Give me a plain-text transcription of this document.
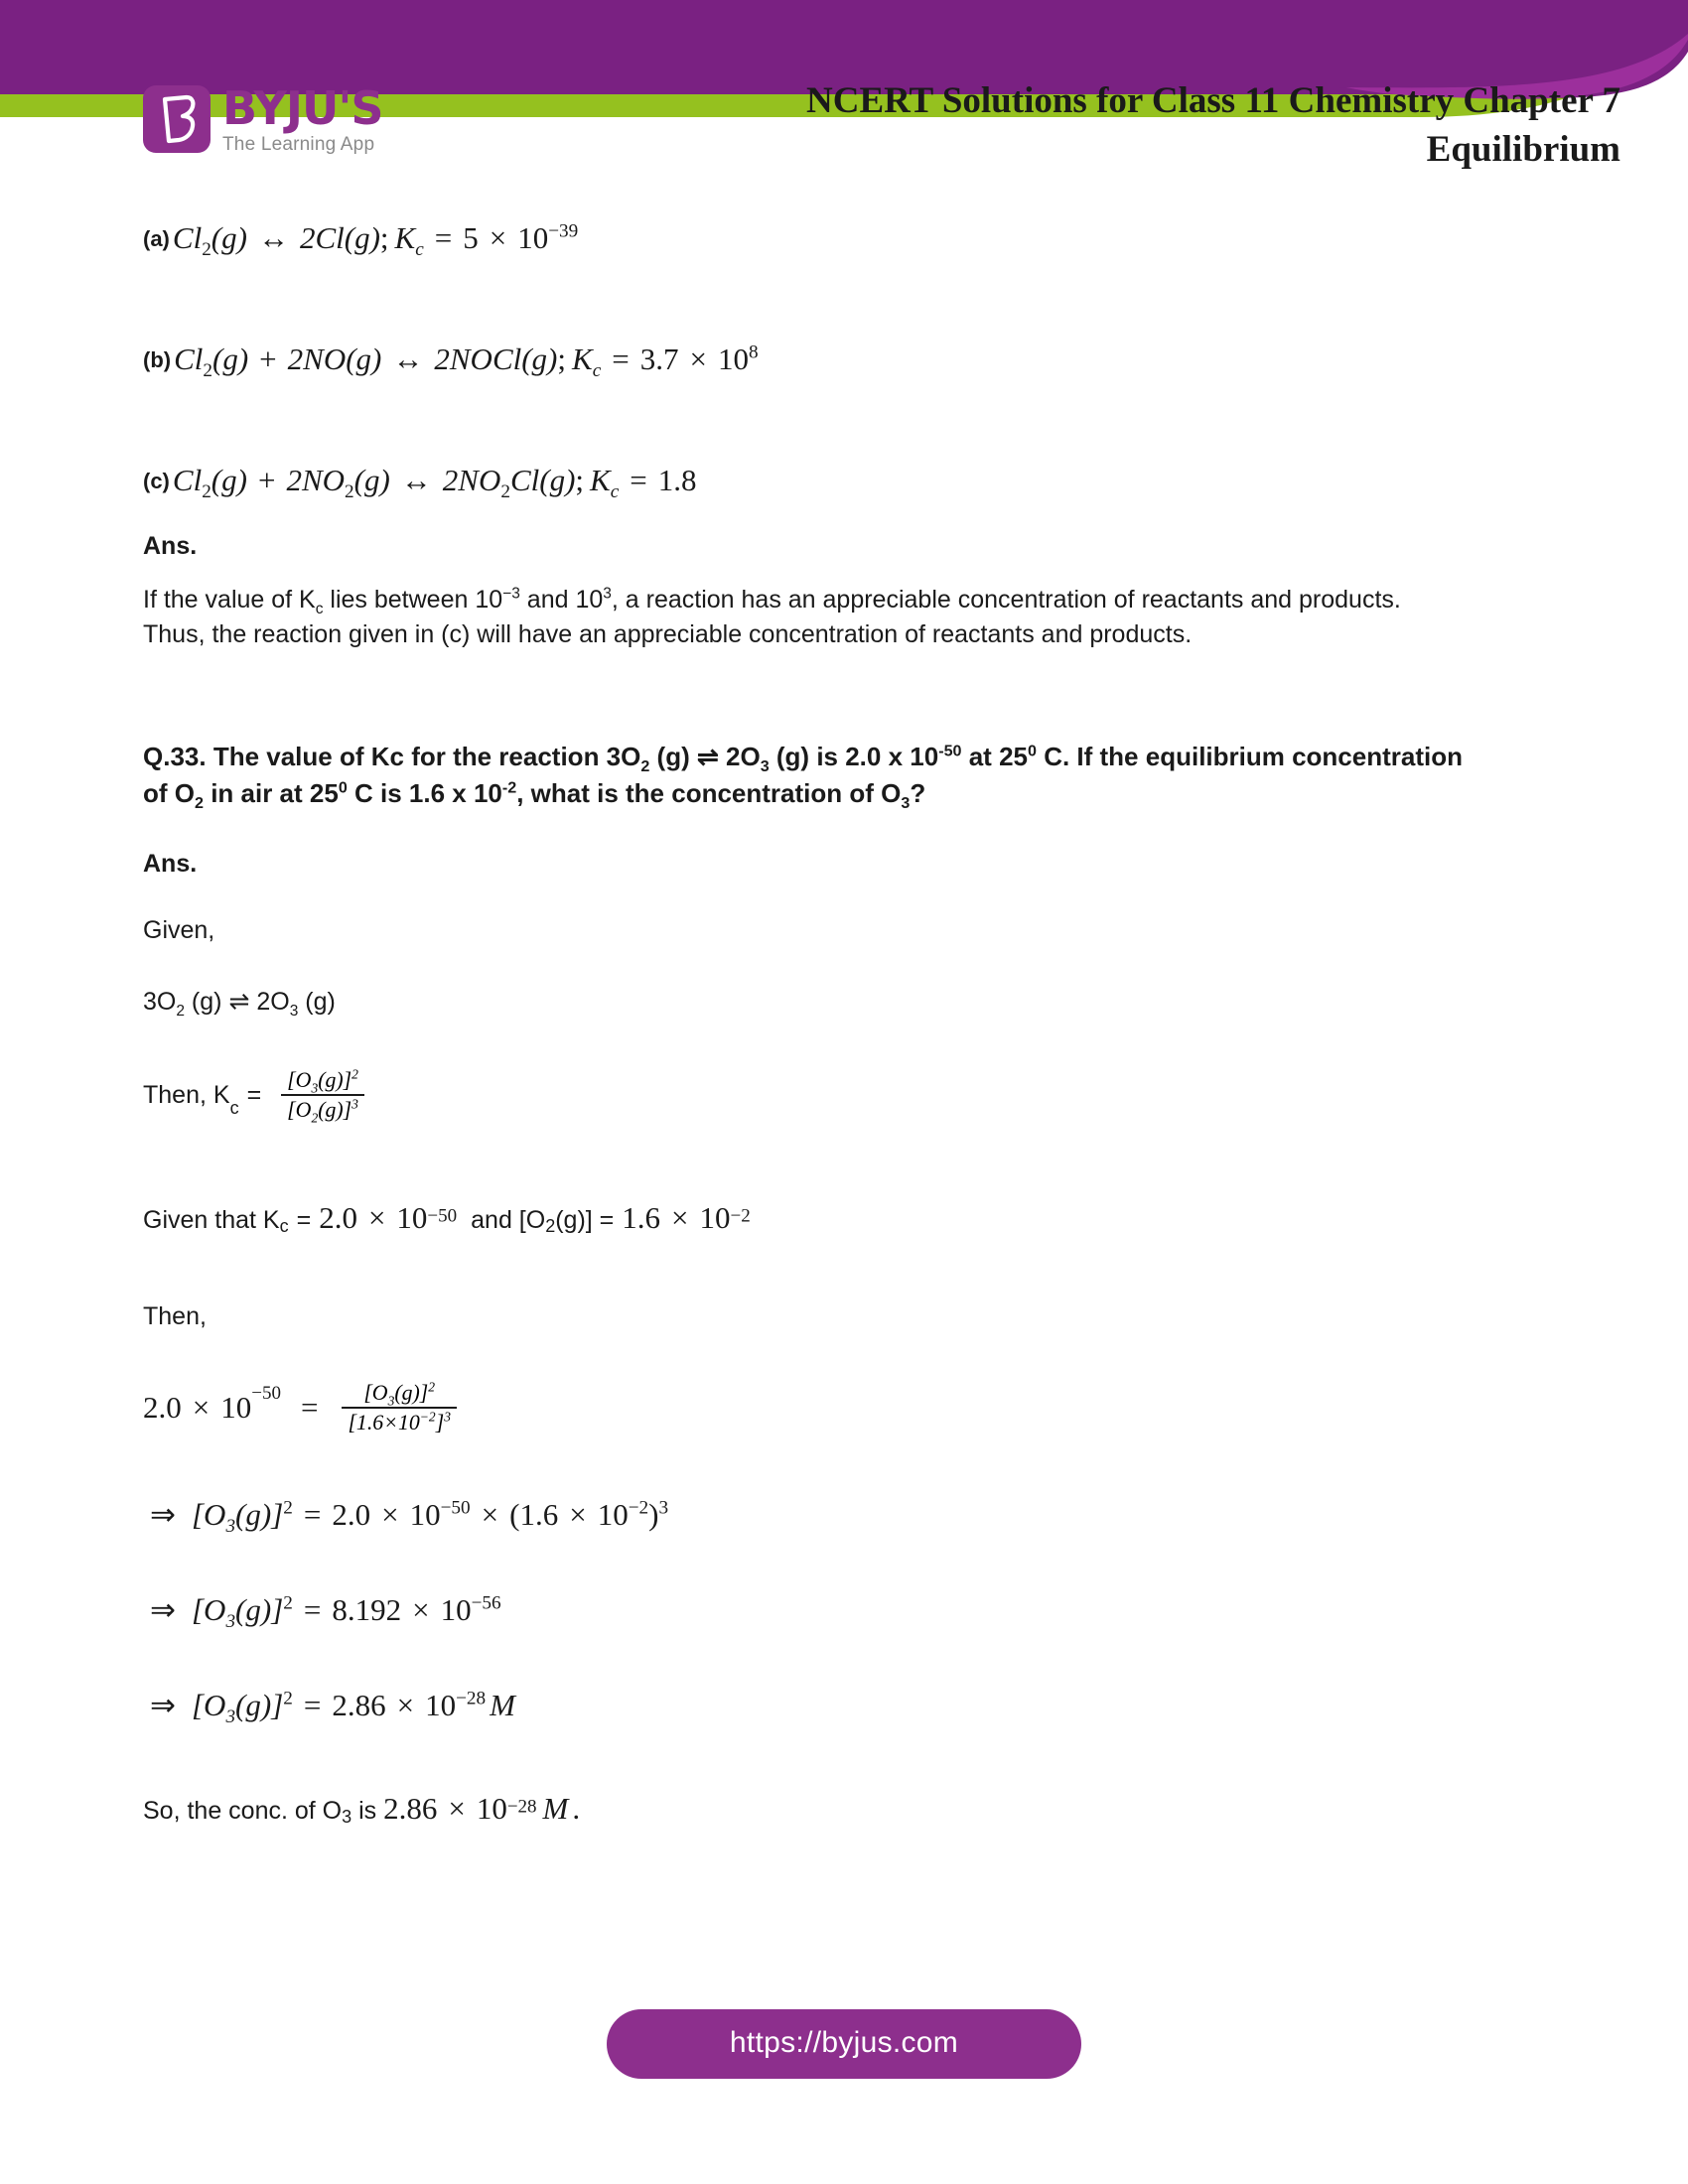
BYJU'S
The Learning App
NCERT Solutions for Class 11 Chemistry Chapter 7
Equilibrium
$(a)Cl_2(g)$ ↔ 2Cl(g); $K_c = 5 \times 10^{-39}$
$(b)Cl_2(g) + 2NO(g)$ ↔ 2NOCl(g); $K_c = 3.7 \times 10^8$
$(c)Cl_2(g) + 2NO_2(g)$ ↔ $2NO_2Cl(g)$; $K_c = 1.8$
Ans.
If the value of $K_c$ lies between $10^{-3}$ and $10^3$, a reaction has an appreciable concentration of reactants and products. Thus, the reaction given in (c) will have an appreciable concentration of reactants and products.
Q.33. The value of Kc for the reaction $3O_2$ (g) ⇌ $2O_3$ (g) is 2.0 x $10^{-50}$ at $25^0$ C. If the equilibrium concentration of $O_2$ in air at $25^0$ C is 1.6 x $10^{-2}$, what is the concentration of $O_3$?
Ans.
Given,
$3O_2$ (g) ⇌ $2O_3$ (g)
Then, K $c = \frac{[O_3(g)]^2}{[O_2(g)]^3}$
Given that $Kc = 2.0 \times 10^{-50}$ and $[O2(g)] = 1.6 \times 10^{-2}$
Then,
2.0 × 10 −50 =	$\frac{[O_3(g)]^2}{[1.6\times 10^{-2}]^3}$
⇒ $[O_3(g)]^2 = 2.0 \times 10^{-50} \times (1.6 \times 10^{-2})^3$
⇒ $[O_3(g)]^2 = 8.192 \times 10^{-56}$
⇒ $[O_3(g)]^2 = 2.86 \times 10^{-28}$ M
So, the conc. of O3 is $2.86 \times 10^{-28}$ M .
https://byjus.com
